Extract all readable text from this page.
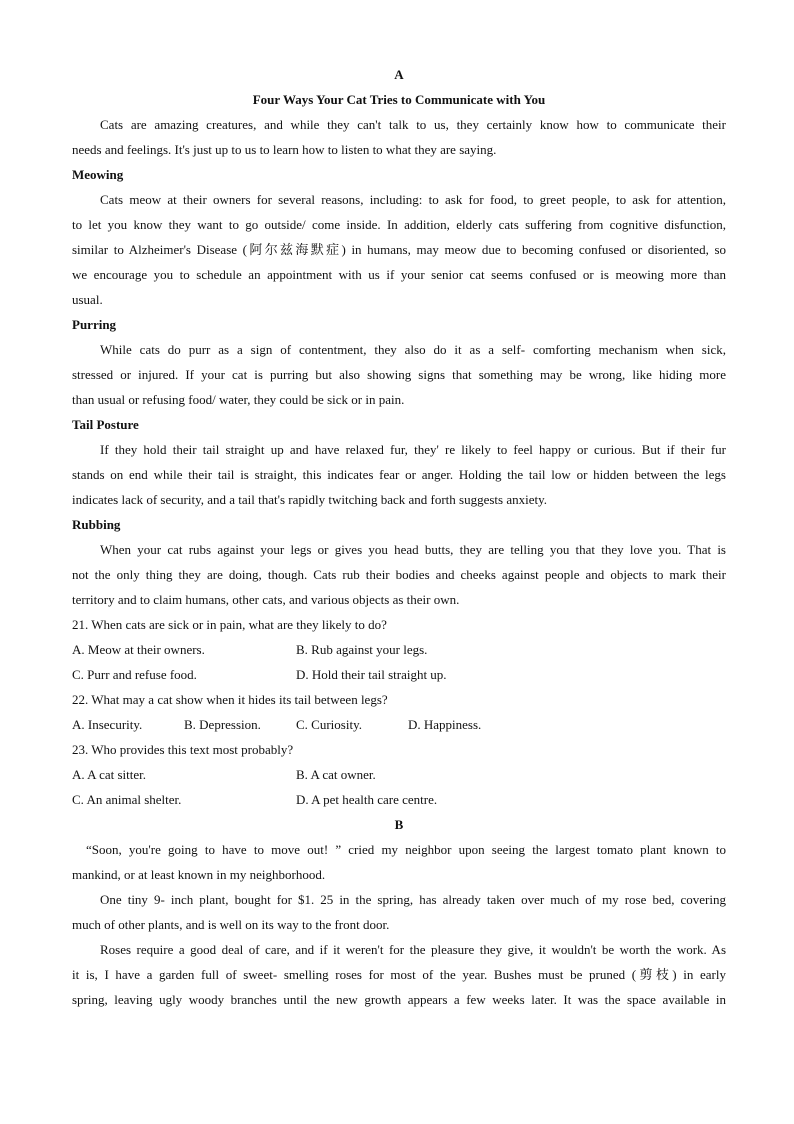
A
Four Ways Your Cat Tries to Communicate with You
Cats are amazing creatures, and while they can't talk to us, they certainly know how to communicate their
needs and feelings. It's just up to us to learn how to listen to what they are saying.
Meowing
Cats meow at their owners for several reasons, including: to ask for food, to greet people, to ask for attention,
to let you know they want to go outside/ come inside. In addition, elderly cats suffering from cognitive disfunction,
similar to Alzheimer's Disease (阿尔兹海默症) in humans, may meow due to becoming confused or disoriented, so
we encourage you to schedule an appointment with us if your senior cat seems confused or is meowing more than
usual.
Purring
While cats do purr as a sign of contentment, they also do it as a self- comforting mechanism when sick,
stressed or injured. If your cat is purring but also showing signs that something may be wrong, like hiding more
than usual or refusing food/ water, they could be sick or in pain.
Tail Posture
If they hold their tail straight up and have relaxed fur, they' re likely to feel happy or curious. But if their fur
stands on end while their tail is straight, this indicates fear or anger. Holding the tail low or hidden between the legs
indicates lack of security, and a tail that's rapidly twitching back and forth suggests anxiety.
Rubbing
When your cat rubs against your legs or gives you head butts, they are telling you that they love you. That is
not the only thing they are doing, though. Cats rub their bodies and cheeks against people and objects to mark their
territory and to claim humans, other cats, and various objects as their own.
21. When cats are sick or in pain, what are they likely to do?
A. Meow at their owners.	B. Rub against your legs.
C. Purr and refuse food.	D. Hold their tail straight up.
22. What may a cat show when it hides its tail between legs?
A. Insecurity.	B. Depression.	C. Curiosity.	D. Happiness.
23. Who provides this text most probably?
A. A cat sitter.	B. A cat owner.
C. An animal shelter.	D. A pet health care centre.
B
“Soon, you're going to have to move out! ” cried my neighbor upon seeing the largest tomato plant known to
mankind, or at least known in my neighborhood.
One tiny 9- inch plant, bought for $1. 25 in the spring, has already taken over much of my rose bed, covering
much of other plants, and is well on its way to the front door.
Roses require a good deal of care, and if it weren't for the pleasure they give, it wouldn't be worth the work. As
it is, I have a garden full of sweet- smelling roses for most of the year. Bushes must be pruned (剪枝) in early
spring, leaving ugly woody branches until the new growth appears a few weeks later. It was the space available in
